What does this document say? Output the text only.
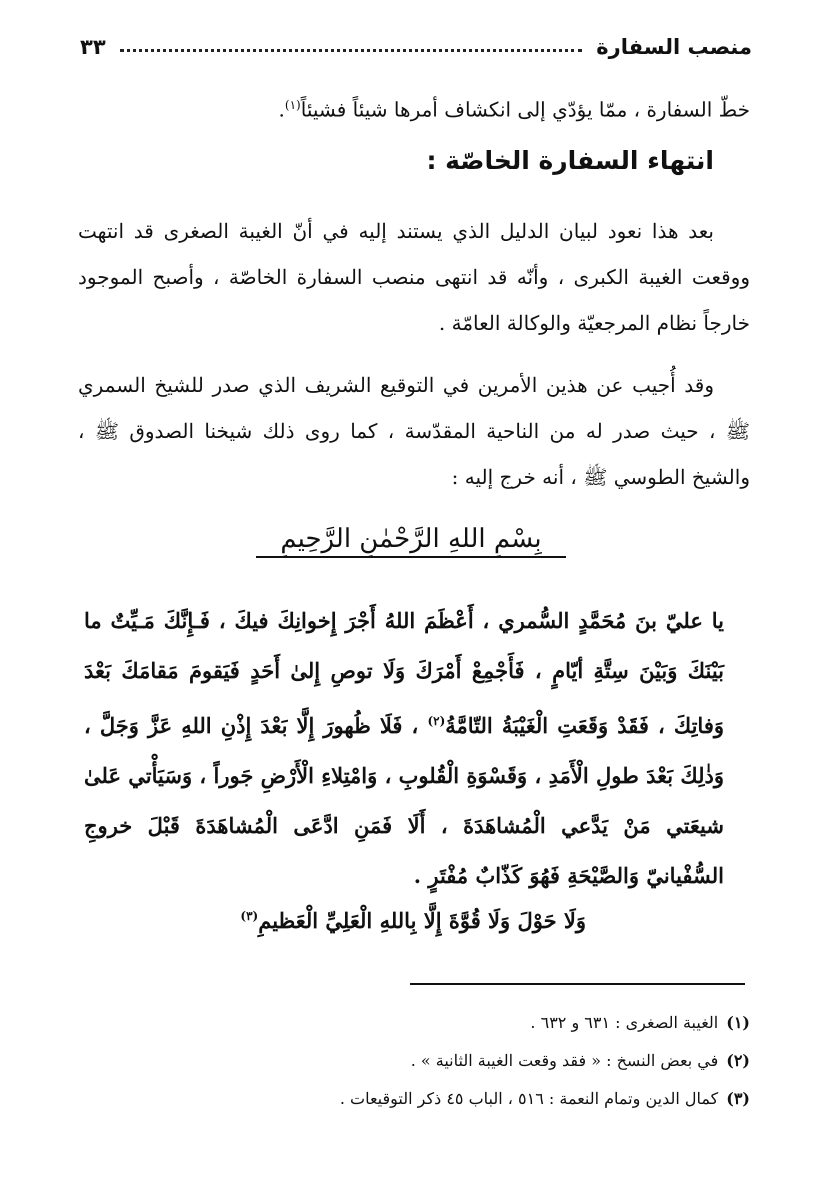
منصب السفارة
٣٣

خطّ السفارة ، ممّا يؤدّي إلى انكشاف أمرها شيئاً فشيئاً$^{(١)}$.

انتهاء السفارة الخاصّة :

بعد هذا نعود لبيان الدليل الذي يستند إليه في أنّ الغيبة الصغرى قد انتهت ووقعت الغيبة الكبرى ، وأنّه قد انتهى منصب السفارة الخاصّة ، وأصبح الموجود خارجاً نظام المرجعيّة والوكالة العامّة .

وقد أُجيب عن هذين الأمرين في التوقيع الشريف الذي صدر للشيخ السمري ﷺ ، حيث صدر له من الناحية المقدّسة ، كما روى ذلك شيخنا الصدوق ﷺ ، والشيخ الطوسي ﷺ ، أنه خرج إليه :

بِسْمِ اللهِ الرَّحْمٰنِ الرَّحِيمِ
يا عليّ بنَ مُحَمَّدٍ السُّمري ، أَعْظَمَ اللهُ أَجْرَ إِخوانِكَ فيكَ ، فَـإِنَّكَ مَـيِّتٌ ما بَيْنَكَ وَبَيْنَ سِتَّةِ أيّامٍ ، فَأَجْمِعْ أَمْرَكَ وَلَا توصِ إِلىٰ أَحَدٍ فَيَقومَ مَقامَكَ بَعْدَ وَفاتِكَ ، فَقَدْ وَقَعَتِ الْغَيْبَةُ التّامَّةُ$^{(٢)}$ ، فَلَا ظُهورَ إِلَّا بَعْدَ إِذْنِ اللهِ عَزَّ وَجَلَّ ، وَذٰلِكَ بَعْدَ طولِ الْأَمَدِ ، وَقَسْوَةِ الْقُلوبِ ، وَامْتِلاءِ الْأَرْضِ جَوراً ، وَسَيَأْتي عَلىٰ شيعَتي مَنْ يَدَّعي الْمُشاهَدَةَ ، أَلَا فَمَنِ ادَّعَى الْمُشاهَدَةَ قَبْلَ خروجِ السُّفْيانيّ وَالصَّيْحَةِ فَهُوَ كَذّابٌ مُفْتَرٍ .
وَلَا حَوْلَ وَلَا قُوَّةَ إِلَّا بِاللهِ الْعَلِيِّ الْعَظيمِ$^{(٣)}$
(١)الغيبة الصغرى : ٦٣١ و ٦٣٢ .
(٢)في بعض النسخ : « فقد وقعت الغيبة الثانية » .
(٣)كمال الدين وتمام النعمة : ٥١٦ ، الباب ٤٥ ذكر التوقيعات .
